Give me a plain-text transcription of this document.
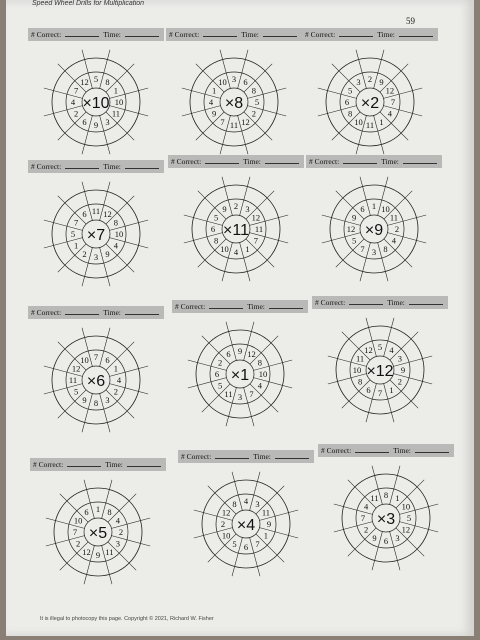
Speed Wheel Drills for Multiplication
59
# Correct:	Time:
5 8
1
10
11
3
9
6
2
4
7
12
×10
# Correct:	Time:
3 6
8
5
2
12
11
7
9
4
1
10
×8
# Correct:	Time:
2 9
12
7
4
1
11
10
8
6
5
3
×2
# Correct:	Time:
11 12
8
10
4
9
3
2
1
5
7
6
×7
# Correct:	Time:
2 3
12
11
7
1
4
10
8
6
5
9
×11
# Correct:	Time:
1 10
11
2
4
8
3
7
5
12
9
6
×9
# Correct:	Time:
7 6
1
4
2
3
8
9
5
11
12
10
×6
# Correct:	Time:
9 12
8
10
4
7
3
11
5
6
2
6
×1
# Correct:	Time:
5 4
3
9
2
1
7
6
8
10
11
12
×12
# Correct:	Time:
1 8
4
2
3
11
9
12
2
7
10
6
×5
# Correct:	Time:
4 3
11
9
1
7
6
5
10
2
12
8
×4
# Correct:	Time:
8 1
10
5
12
3
6
9
2
7
4
11
×3
It is illegal to photocopy this page. Copyright © 2021, Richard W. Fisher
